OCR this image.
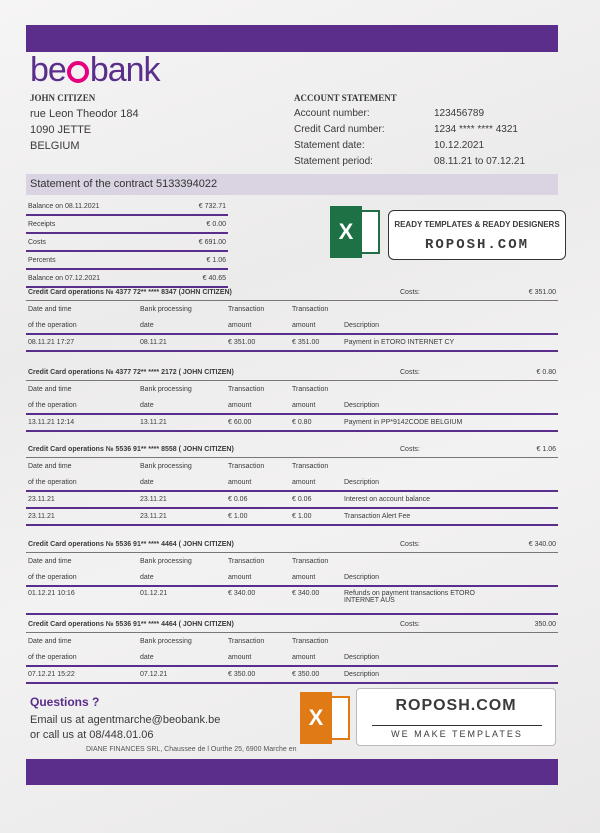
be bank
JOHN CITIZEN
rue Leon Theodor 184
1090 JETTE
BELGIUM
ACCOUNT STATEMENT
Account number:	123456789
Credit Card number:	1234 **** **** 4321
Statement date:	10.12.2021
Statement period:	08.11.21 to 07.12.21
Statement of the contract 5133394022
Balance on 08.11.2021	€ 732.71
Receipts	€ 0.00
Costs	€ 691.00
Percents	€ 1.06
Balance on 07.12.2021	€ 40.65
X	READY TEMPLATES & READY DESIGNERS
ROPOSH.COM
Credit Card operations № 4377 72** **** 8347 (JOHN CITIZEN)	Costs:	€ 351.00
Date and time	Bank processing	Transaction	Transaction
of the operation	date	amount	amount	Description
08.11.21 17:27	08.11.21	€ 351.00	€ 351.00	Payment in ETORO INTERNET CY
Credit Card operations № 4377 72** **** 2172 ( JOHN CITIZEN)	Costs:	€ 0.80
Date and time	Bank processing	Transaction	Transaction
of the operation	date	amount	amount	Description
13.11.21 12:14	13.11.21	€ 60.00	€ 0.80	Payment in PP*9142CODE BELGIUM
Credit Card operations № 5536 91** **** 8558 ( JOHN CITIZEN)	Costs:	€ 1.06
Date and time	Bank processing	Transaction	Transaction
of the operation	date	amount	amount	Description
23.11.21	23.11.21	€ 0.06	€ 0.06	Interest on account balance
23.11.21	23.11.21	€ 1.00	€ 1.00	Transaction Alert Fee
Credit Card operations № 5536 91** **** 4464 ( JOHN CITIZEN)	Costs:	€ 340.00
Date and time	Bank processing	Transaction	Transaction
of the operation	date	amount	amount	Description
01.12.21 10:16	01.12.21	€ 340.00	€ 340.00	Refunds on payment transactions ETORO
INTERNET AUS
Credit Card operations № 5536 91** **** 4464 ( JOHN CITIZEN)	Costs:	350.00
Date and time	Bank processing	Transaction	Transaction
of the operation	date	amount	amount	Description
07.12.21 15:22	07.12.21	€ 350.00	€ 350.00	Description
Questions ?
Email us at agentmarche@beobank.be
or call us at 08/448.01.06
DIANE FINANCES SRL, Chaussee de l Ourthe 25, 6900 Marche en
X	ROPOSH.COM
WE MAKE TEMPLATES
